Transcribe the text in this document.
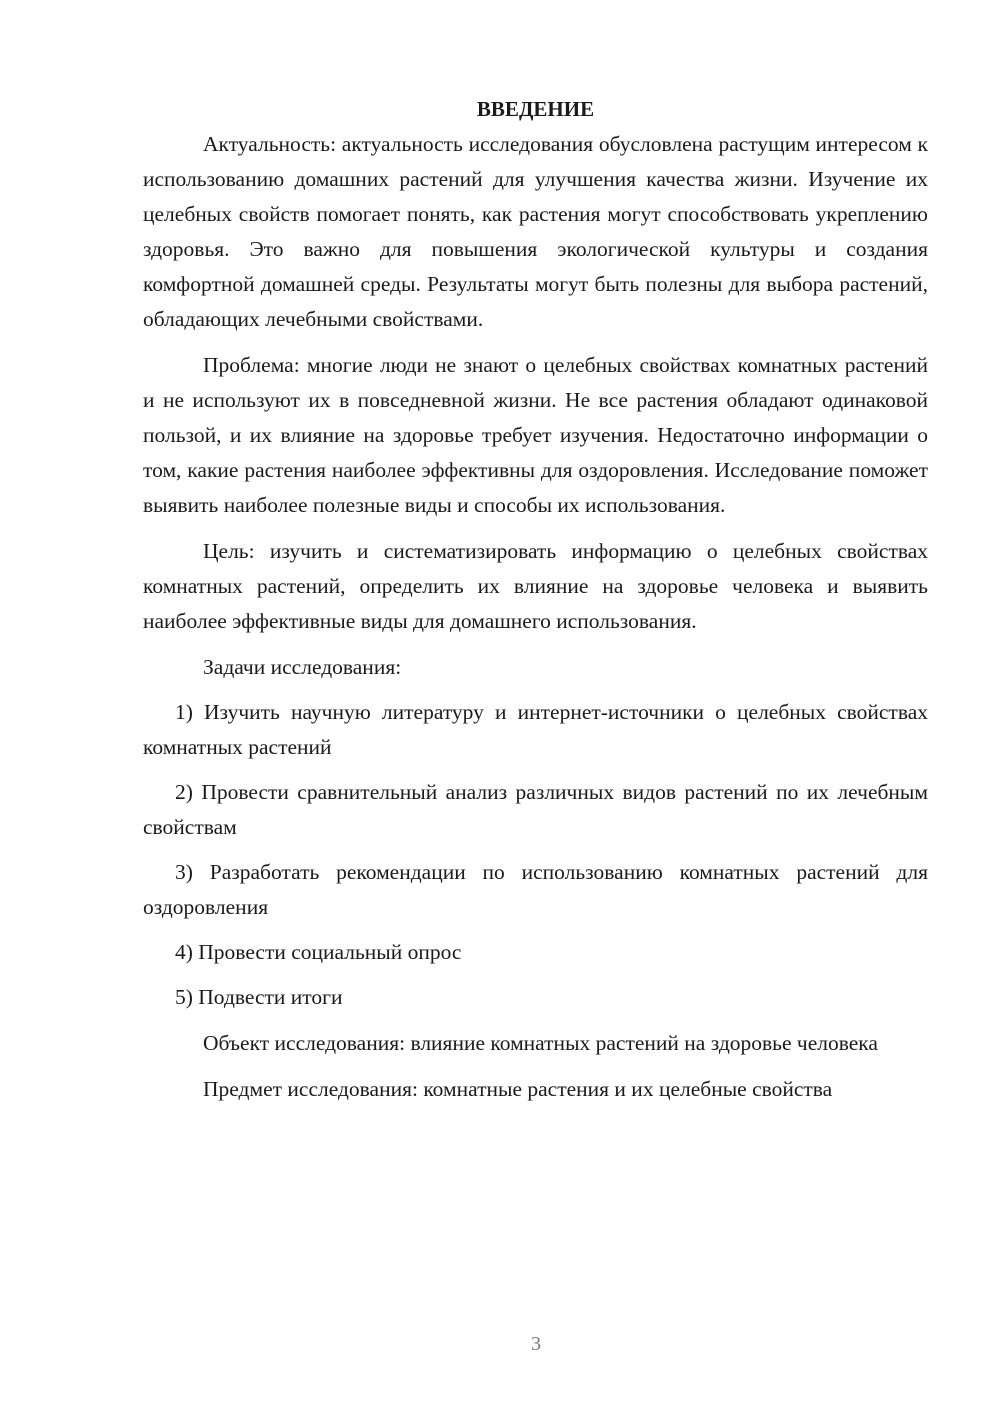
ВВЕДЕНИЕ

Актуальность: актуальность исследования обусловлена растущим интересом к использованию домашних растений для улучшения качества жизни. Изучение их целебных свойств помогает понять, как растения могут способствовать укреплению здоровья. Это важно для повышения экологической культуры и создания комфортной домашней среды. Результаты могут быть полезны для выбора растений, обладающих лечебными свойствами.

Проблема: многие люди не знают о целебных свойствах комнатных растений и не используют их в повседневной жизни. Не все растения обладают одинаковой пользой, и их влияние на здоровье требует изучения. Недостаточно информации о том, какие растения наиболее эффективны для оздоровления. Исследование поможет выявить наиболее полезные виды и способы их использования.

Цель: изучить и систематизировать информацию о целебных свойствах комнатных растений, определить их влияние на здоровье человека и выявить наиболее эффективные виды для домашнего использования.

Задачи исследования:

1) Изучить научную литературу и интернет-источники о целебных свойствах комнатных растений

2) Провести сравнительный анализ различных видов растений по их лечебным свойствам

3) Разработать рекомендации по использованию комнатных растений для оздоровления

4) Провести социальный опрос

5) Подвести итоги

Объект исследования: влияние комнатных растений на здоровье человека

Предмет исследования: комнатные растения и их целебные свойства

3
